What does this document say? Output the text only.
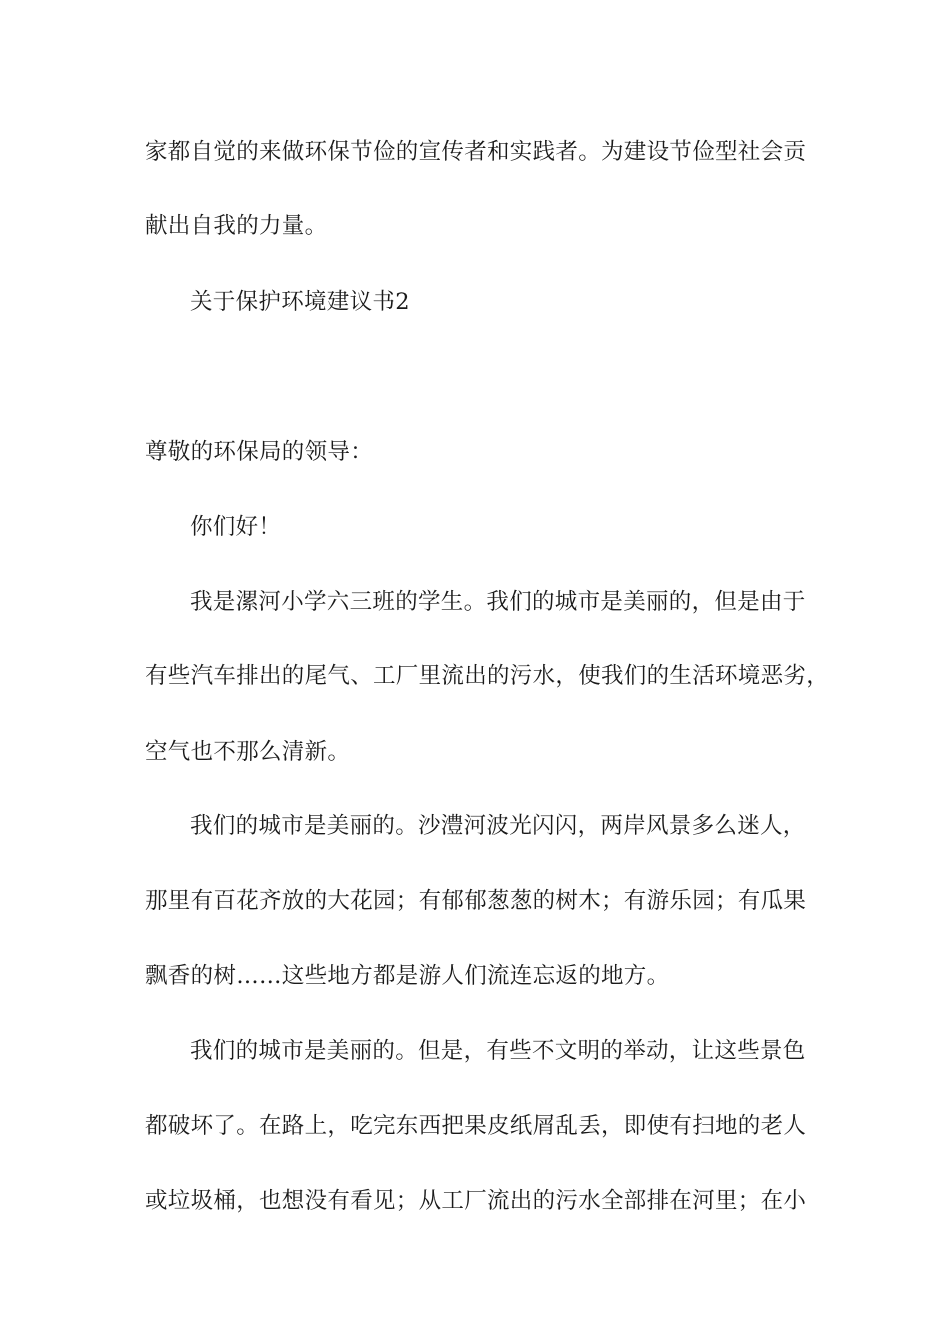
家都自觉的来做环保节俭的宣传者和实践者。为建设节俭型社会贡
献出自我的力量。
关于保护环境建议书2
尊敬的环保局的领导：
你们好！
我是漯河小学六三班的学生。我们的城市是美丽的，但是由于
有些汽车排出的尾气、工厂里流出的污水，使我们的生活环境恶劣，
空气也不那么清新。
我们的城市是美丽的。沙澧河波光闪闪，两岸风景多么迷人，
那里有百花齐放的大花园；有郁郁葱葱的树木；有游乐园；有瓜果
飘香的树……这些地方都是游人们流连忘返的地方。
我们的城市是美丽的。但是，有些不文明的举动，让这些景色
都破坏了。在路上，吃完东西把果皮纸屑乱丢，即使有扫地的老人
或垃圾桶，也想没有看见；从工厂流出的污水全部排在河里；在小
